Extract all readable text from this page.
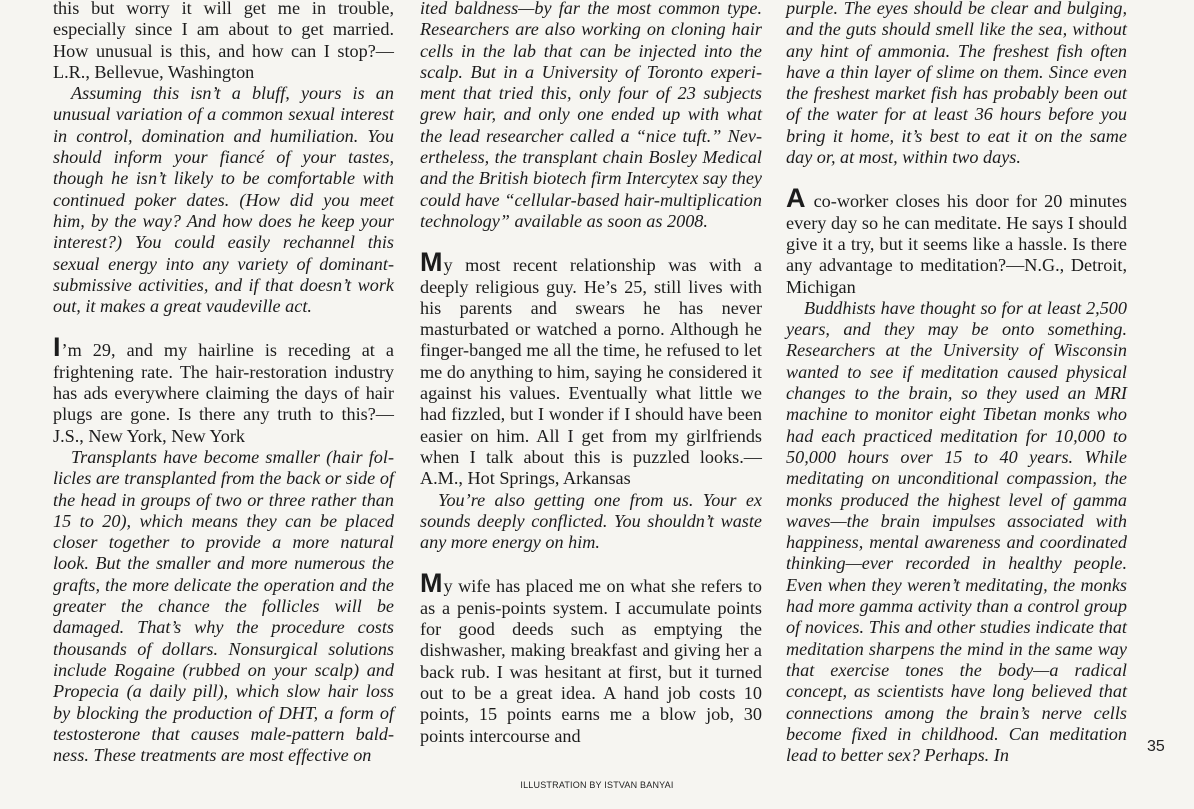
this but worry it will get me in trouble, especially since I am about to get married. How unusual is this, and how can I stop?—L.R., Bellevue, Washington

Assuming this isn’t a bluff, yours is an unusual variation of a common sexual interest in control, domination and humiliation. You should inform your fiancé of your tastes, though he isn’t likely to be comfortable with continued poker dates. (How did you meet him, by the way? And how does he keep your interest?) You could easily rechannel this sexual energy into any variety of dominant-submissive activities, and if that doesn’t work out, it makes a great vaudeville act.

I’m 29, and my hairline is receding at a frightening rate. The hair-restoration industry has ads everywhere claiming the days of hair plugs are gone. Is there any truth to this?—J.S., New York, New York

Transplants have become smaller (hair follicles are transplanted from the back or side of the head in groups of two or three rather than 15 to 20), which means they can be placed closer together to provide a more natural look. But the smaller and more numerous the grafts, the more delicate the operation and the greater the chance the follicles will be damaged. That’s why the procedure costs thousands of dollars. Nonsurgical solutions include Rogaine (rubbed on your scalp) and Propecia (a daily pill), which slow hair loss by blocking the production of DHT, a form of testosterone that causes male-pattern baldness. These treatments are most effective on

ited baldness—by far the most common type. Researchers are also working on cloning hair cells in the lab that can be injected into the scalp. But in a University of Toronto experiment that tried this, only four of 23 subjects grew hair, and only one ended up with what the lead researcher called a “nice tuft.” Nevertheless, the transplant chain Bosley Medical and the British biotech firm Intercytex say they could have “cellular-based hair-multiplication technology” available as soon as 2008.

My most recent relationship was with a deeply religious guy. He’s 25, still lives with his parents and swears he has never masturbated or watched a porno. Although he finger-banged me all the time, he refused to let me do anything to him, saying he considered it against his values. Eventually what little we had fizzled, but I wonder if I should have been easier on him. All I get from my girlfriends when I talk about this is puzzled looks.—A.M., Hot Springs, Arkansas

You’re also getting one from us. Your ex sounds deeply conflicted. You shouldn’t waste any more energy on him.

My wife has placed me on what she refers to as a penis-points system. I accumulate points for good deeds such as emptying the dishwasher, making breakfast and giving her a back rub. I was hesitant at first, but it turned out to be a great idea. A hand job costs 10 points, 15 points earns me a blow job, 30 points intercourse and

purple. The eyes should be clear and bulging, and the guts should smell like the sea, without any hint of ammonia. The freshest fish often have a thin layer of slime on them. Since even the freshest market fish has probably been out of the water for at least 36 hours before you bring it home, it’s best to eat it on the same day or, at most, within two days.

A co-worker closes his door for 20 minutes every day so he can meditate. He says I should give it a try, but it seems like a hassle. Is there any advantage to meditation?—N.G., Detroit, Michigan

Buddhists have thought so for at least 2,500 years, and they may be onto something. Researchers at the University of Wisconsin wanted to see if meditation caused physical changes to the brain, so they used an MRI machine to monitor eight Tibetan monks who had each practiced meditation for 10,000 to 50,000 hours over 15 to 40 years. While meditating on unconditional compassion, the monks produced the highest level of gamma waves—the brain impulses associated with happiness, mental awareness and coordinated thinking—ever recorded in healthy people. Even when they weren’t meditating, the monks had more gamma activity than a control group of novices. This and other studies indicate that meditation sharpens the mind in the same way that exercise tones the body—a radical concept, as scientists have long believed that connections among the brain’s nerve cells become fixed in childhood. Can meditation lead to better sex? Perhaps. In	35
ILLUSTRATION BY ISTVAN BANYAI
